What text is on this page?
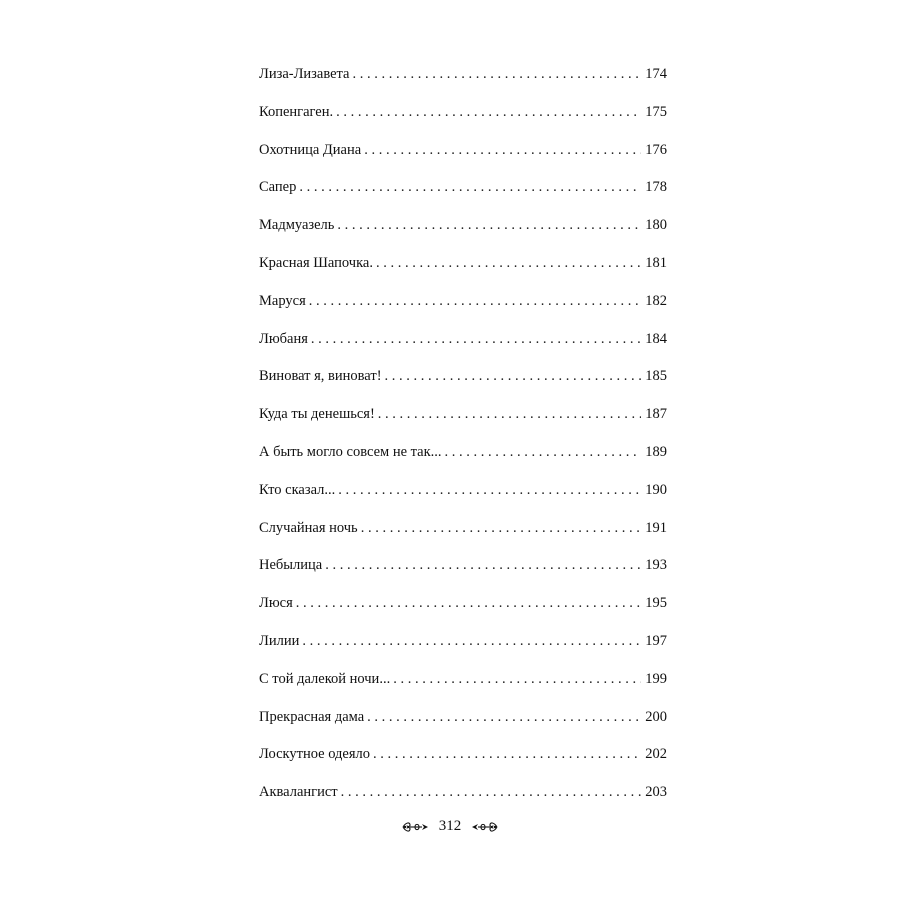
Лиза-Лизавета . . .	174
Копенгаген. . . .	175
Охотница Диана . . .	176
Сапер . . .	178
Мадмуазель . . .	180
Красная Шапочка. . . .	181
Маруся . . .	182
Любаня . . .	184
Виноват я, виноват! . . .	185
Куда ты денешься! . . .	187
А быть могло совсем не так... . . .	189
Кто сказал... . . .	190
Случайная ночь . . .	191
Небылица . . .	193
Люся . . .	195
Лилии . . .	197
С той далекой ночи... . . .	199
Прекрасная дама . . .	200
Лоскутное одеяло . . .	202
Аквалангист . . .	203
312
